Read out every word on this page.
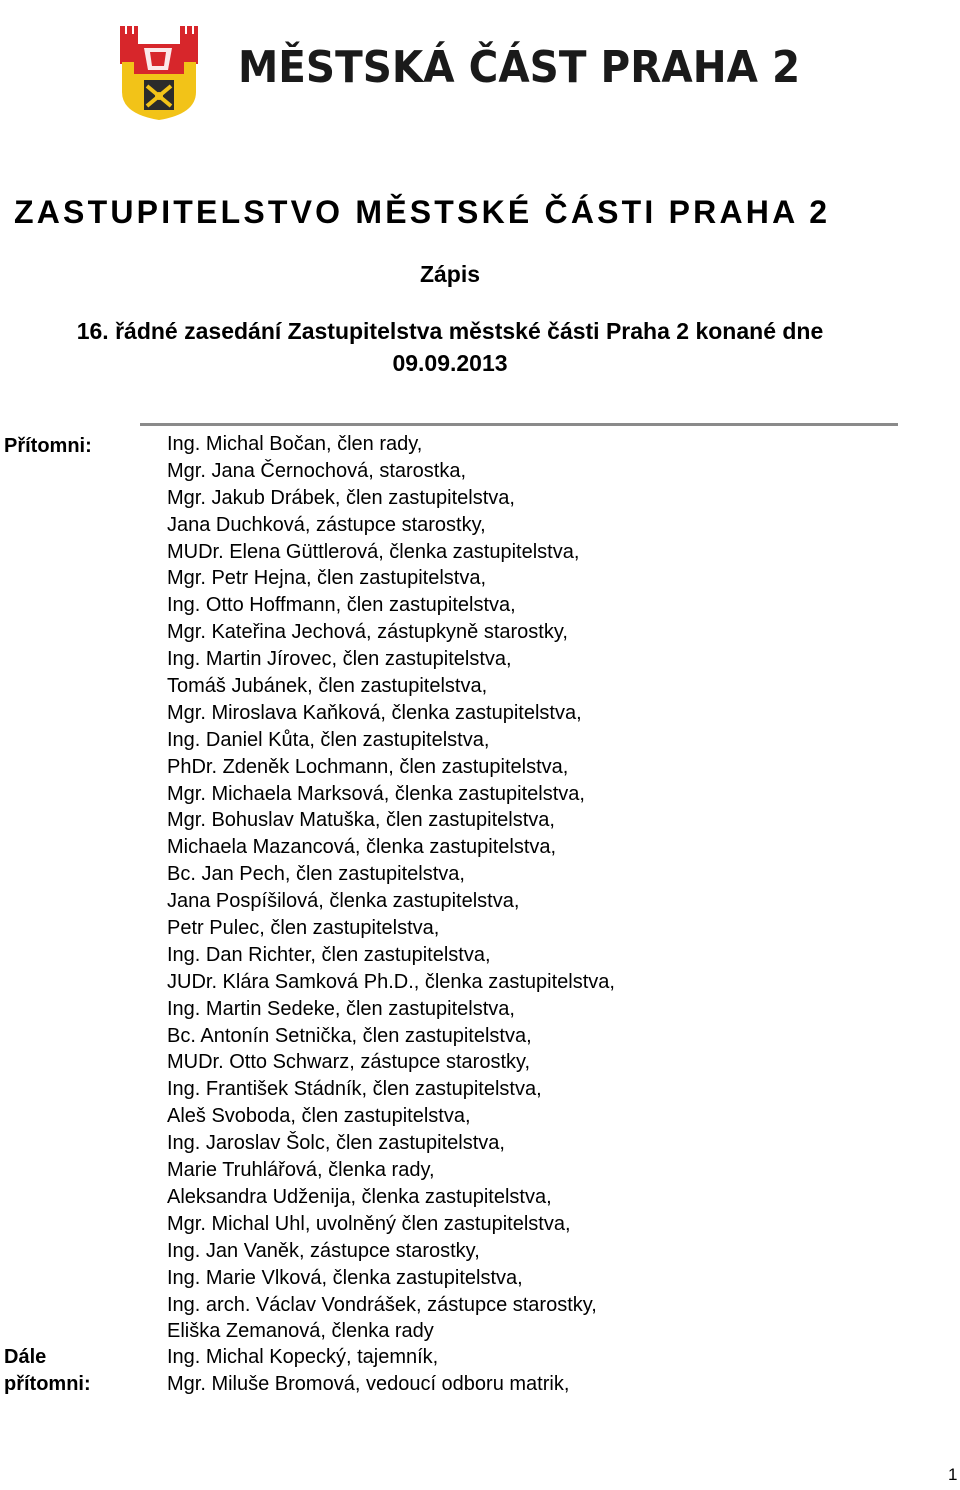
MĚSTSKÁ ČÁST PRAHA 2
ZASTUPITELSTVO MĚSTSKÉ ČÁSTI PRAHA 2
Zápis
16. řádné zasedání Zastupitelstva městské části Praha 2 konané dne
09.09.2013
Přítomni:	Ing. Michal Bočan, člen rady,
Mgr. Jana Černochová, starostka,
Mgr. Jakub Drábek, člen zastupitelstva,
Jana Duchková, zástupce starostky,
MUDr. Elena Güttlerová, členka zastupitelstva,
Mgr. Petr Hejna, člen zastupitelstva,
Ing. Otto Hoffmann, člen zastupitelstva,
Mgr. Kateřina Jechová, zástupkyně starostky,
Ing. Martin Jírovec, člen zastupitelstva,
Tomáš Jubánek, člen zastupitelstva,
Mgr. Miroslava Kaňková, členka zastupitelstva,
Ing. Daniel Kůta, člen zastupitelstva,
PhDr. Zdeněk Lochmann, člen zastupitelstva,
Mgr. Michaela Marksová, členka zastupitelstva,
Mgr. Bohuslav Matuška, člen zastupitelstva,
Michaela Mazancová, členka zastupitelstva,
Bc. Jan Pech, člen zastupitelstva,
Jana Pospíšilová, členka zastupitelstva,
Petr Pulec, člen zastupitelstva,
Ing. Dan Richter, člen zastupitelstva,
JUDr. Klára Samková Ph.D., členka zastupitelstva,
Ing. Martin Sedeke, člen zastupitelstva,
Bc. Antonín Setnička, člen zastupitelstva,
MUDr. Otto Schwarz, zástupce starostky,
Ing. František Stádník, člen zastupitelstva,
Aleš Svoboda, člen zastupitelstva,
Ing. Jaroslav Šolc, člen zastupitelstva,
Marie Truhlářová, členka rady,
Aleksandra Udženija, členka zastupitelstva,
Mgr. Michal Uhl, uvolněný člen zastupitelstva,
Ing. Jan Vaněk, zástupce starostky,
Ing. Marie Vlková, členka zastupitelstva,
Ing. arch. Václav Vondrášek, zástupce starostky,
Eliška Zemanová, členka rady
Dále
přítomni:
Ing. Michal Kopecký, tajemník,
Mgr. Miluše Bromová, vedoucí odboru matrik,
1
